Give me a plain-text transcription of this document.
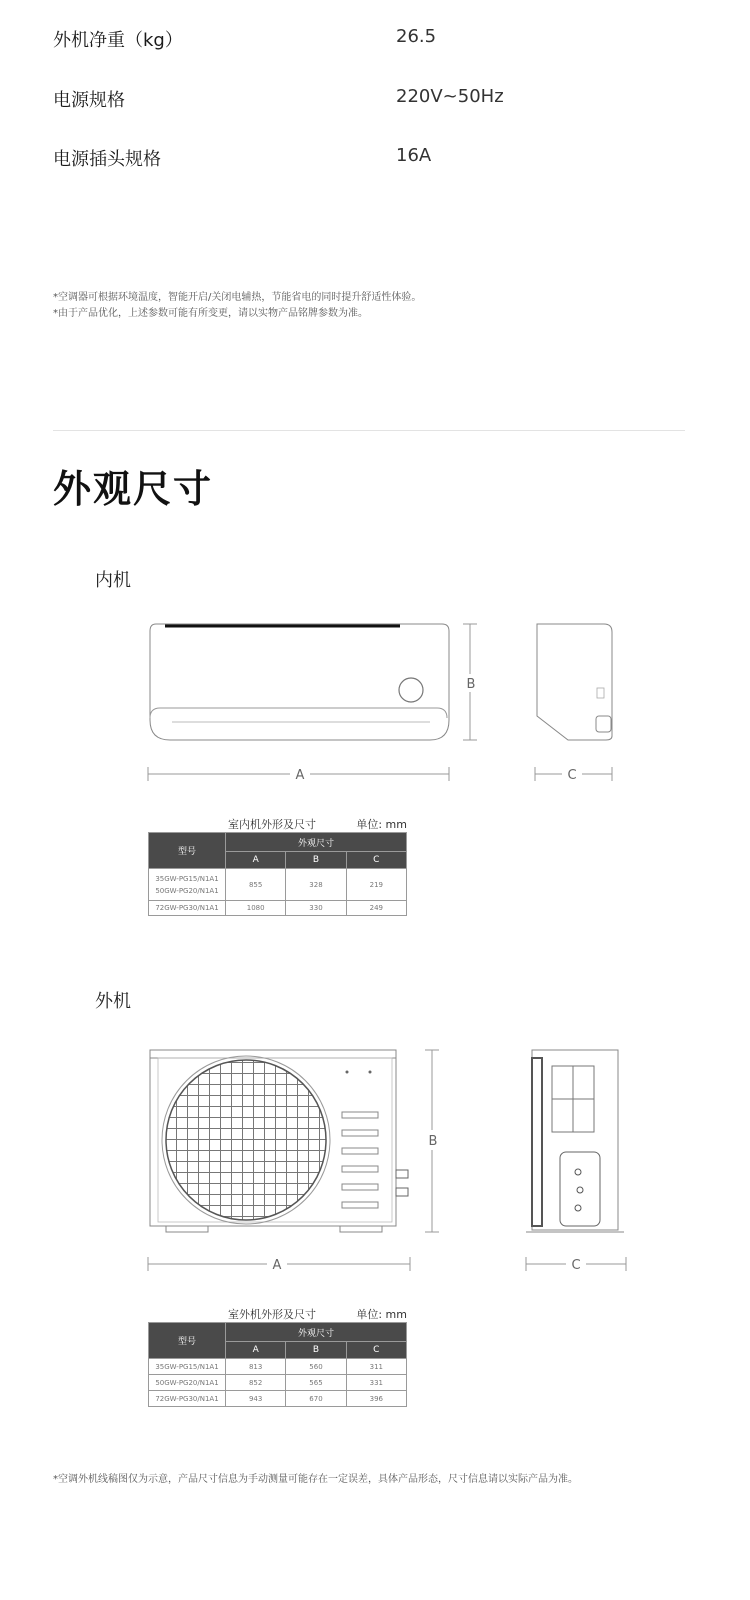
外机净重（kg）	26.5
电源规格	220V~50Hz
电源插头规格	16A
*空调器可根据环境温度，智能开启/关闭电辅热，节能省电的同时提升舒适性体验。
*由于产品优化，上述参数可能有所变更，请以实物产品铭牌参数为准。
外观尺寸
内机
B
A	C
室内机外形及尺寸	单位: mm
型号	外观尺寸		
	A	B	C

35GW-PG15/N1A1
50GW-PG20/N1A1	855	328	219
72GW-PG30/N1A1	1080	330	249
外机
B
A	C
室外机外形及尺寸	单位: mm
型号	外观尺寸		
	A	B	C
35GW-PG15/N1A1	813	560	311
50GW-PG20/N1A1	852	565	331
72GW-PG30/N1A1	943	670	396
*空调外机线稿图仅为示意，产品尺寸信息为手动测量可能存在一定误差，具体产品形态，尺寸信息请以实际产品为准。
